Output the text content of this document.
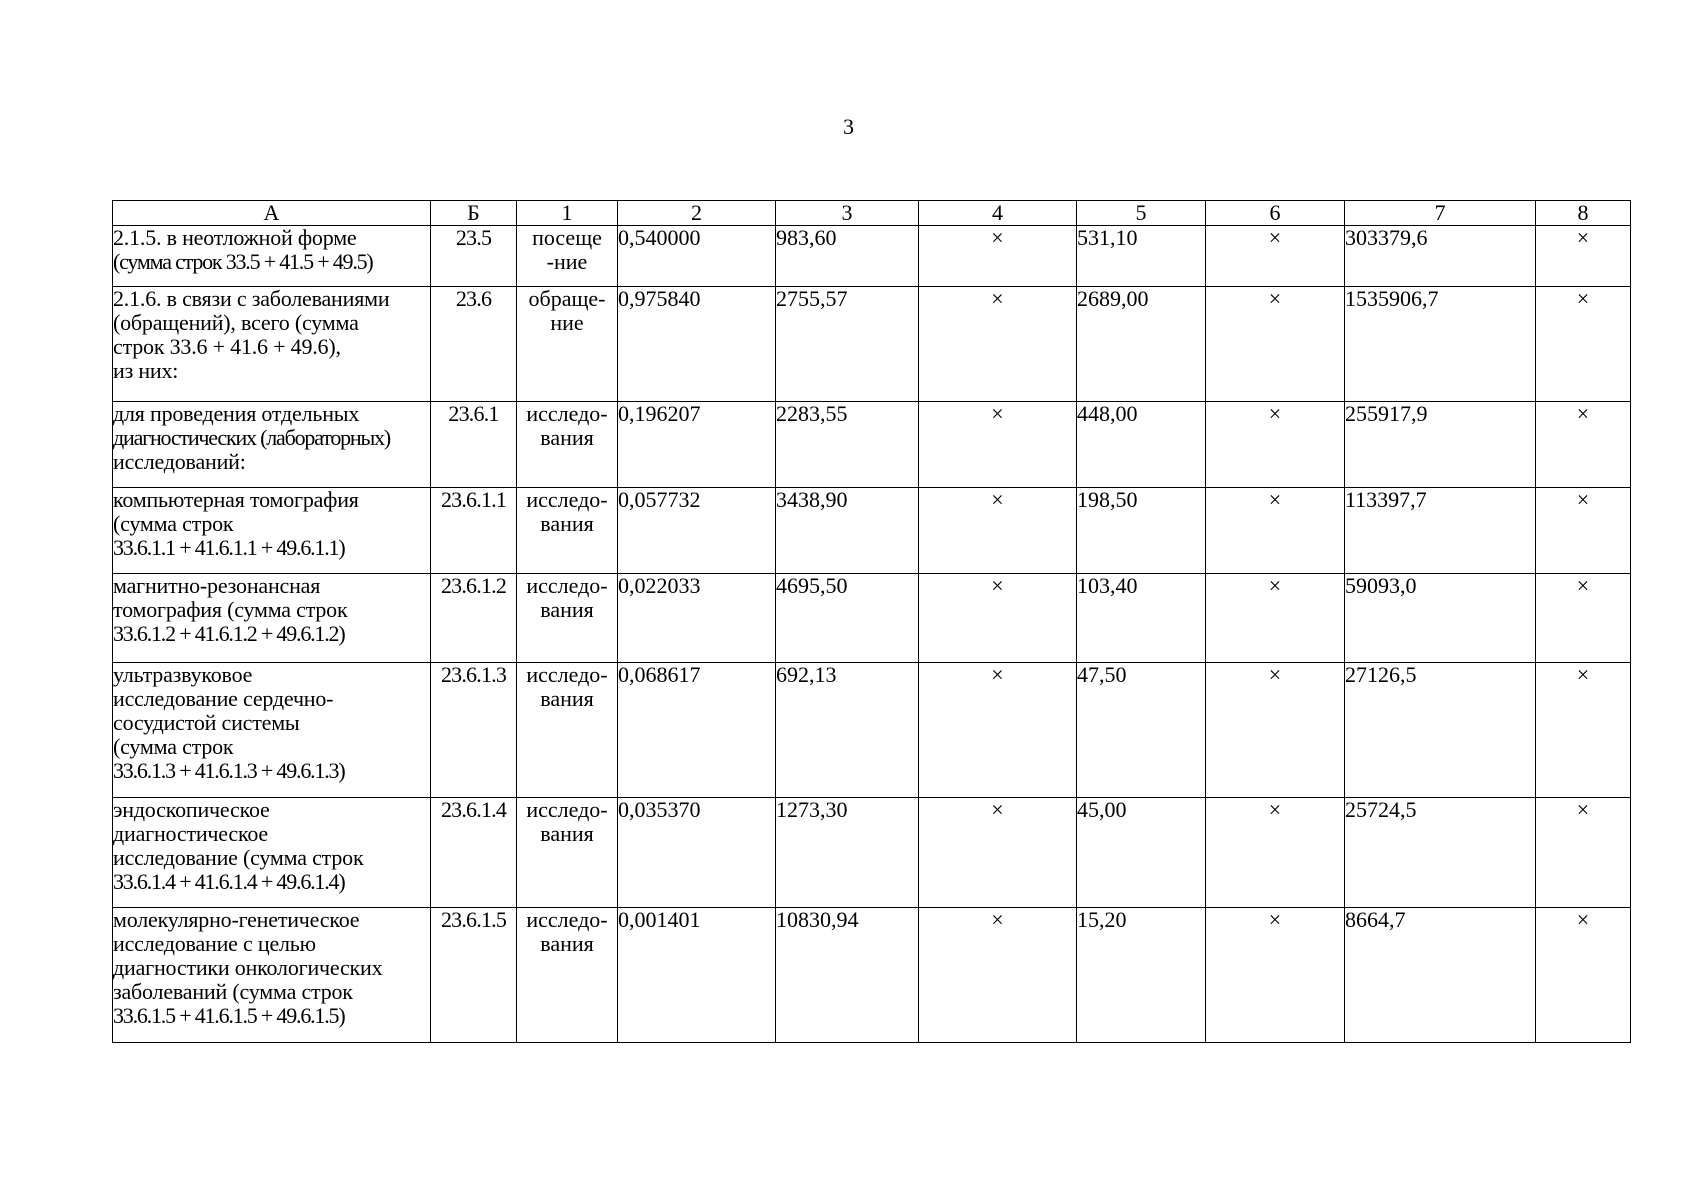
3
А	Б	1	2	3	4	5	6	7	8

2.1.5. в неотложной форме
(сумма строк 33.5 + 41.5 + 49.5)	23.5	посеще
-ние	0,540000	983,60	×	531,10	×	303379,6	×

2.1.6. в связи с заболеваниями
(обращений), всего (сумма
строк 33.6 + 41.6 + 49.6),
из них:	23.6	обраще-
ние	0,975840	2755,57	×	2689,00	×	1535906,7	×

для проведения отдельных
диагностических (лабораторных)
исследований:	23.6.1	исследо-
вания	0,196207	2283,55	×	448,00	×	255917,9	×

компьютерная томография
(сумма строк
33.6.1.1 + 41.6.1.1 + 49.6.1.1)	23.6.1.1	исследо-
вания	0,057732	3438,90	×	198,50	×	113397,7	×

магнитно-резонансная
томография (сумма строк
33.6.1.2 + 41.6.1.2 + 49.6.1.2)	23.6.1.2	исследо-
вания	0,022033	4695,50	×	103,40	×	59093,0	×

ультразвуковое
исследование сердечно-
сосудистой системы
(сумма строк
33.6.1.3 + 41.6.1.3 + 49.6.1.3)	23.6.1.3	исследо-
вания	0,068617	692,13	×	47,50	×	27126,5	×

эндоскопическое
диагностическое
исследование (сумма строк
33.6.1.4 + 41.6.1.4 + 49.6.1.4)	23.6.1.4	исследо-
вания	0,035370	1273,30	×	45,00	×	25724,5	×

молекулярно-генетическое
исследование с целью
диагностики онкологических
заболеваний (сумма строк
33.6.1.5 + 41.6.1.5 + 49.6.1.5)	23.6.1.5	исследо-
вания	0,001401	10830,94	×	15,20	×	8664,7	×
